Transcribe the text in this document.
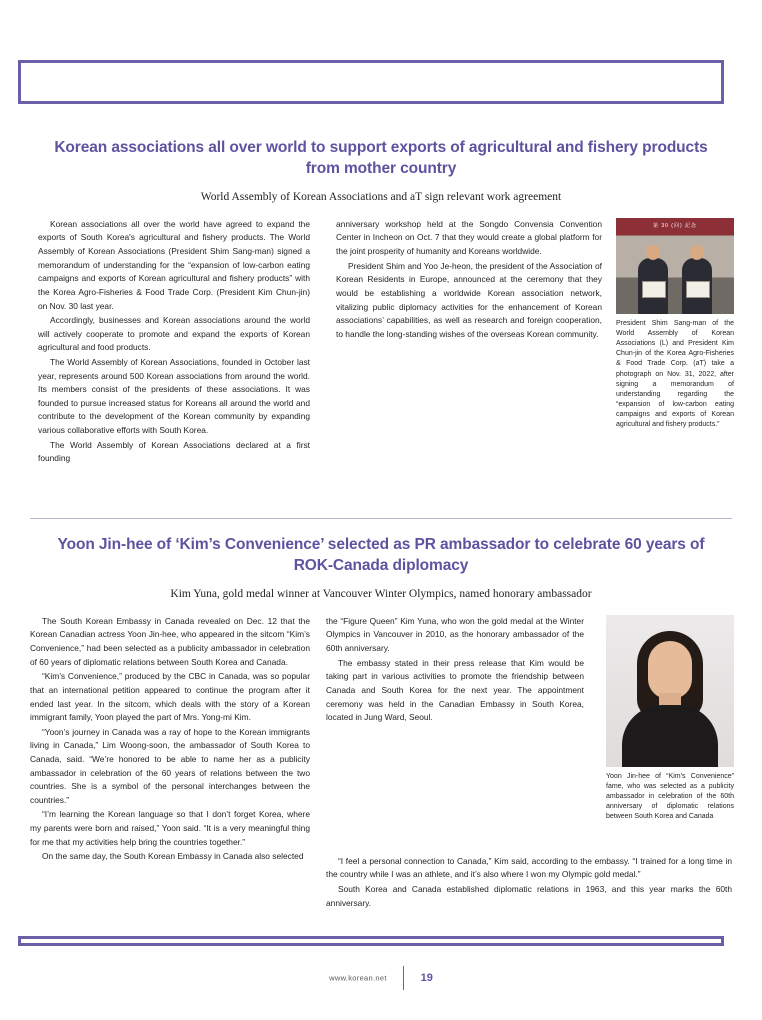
Korean associations all over world to support exports of agricultural and fishery products from mother country
World Assembly of Korean Associations and aT sign relevant work agreement

Korean associations all over the world have agreed to expand the exports of South Korea's agricultural and fishery products. The World Assembly of Korean Associations (President Shim Sang-man) signed a memorandum of understanding for the “expansion of low-carbon eating campaigns and exports of Korean agricultural and fishery products” with the Korea Agro-Fisheries & Food Trade Corp. (President Kim Chun-jin) on Nov. 30 last year.

Accordingly, businesses and Korean associations around the world will actively cooperate to promote and expand the exports of Korean agricultural and food products.

The World Assembly of Korean Associations, founded in October last year, represents around 500 Korean associations from around the world. Its members consist of the presidents of these associations. It was founded to pursue increased status for Koreans all around the world and contribute to the development of the Korean community by expanding various collaborative efforts with South Korea.

The World Assembly of Korean Associations declared at a first founding

anniversary workshop held at the Songdo Convensia Convention Center in Incheon on Oct. 7 that they would create a global platform for the joint prosperity of humanity and Koreans worldwide.

President Shim and Yoo Je-heon, the president of the Association of Korean Residents in Europe, announced at the ceremony that they would be establishing a worldwide Korean association network, vitalizing public diplomacy activities for the enhancement of Korean associations’ capabilities, as well as research and foreign cooperation, to handle the long-standing wishes of the overseas Korean community.

第 30 (回) 記念
President Shim Sang-man of the World Assembly of Korean Associations (L) and President Kim Chun-jin of the Korea Agro-Fisheries & Food Trade Corp. (aT) take a photograph on Nov. 31, 2022, after signing a memorandum of understanding regarding the “expansion of low-carbon eating campaigns and exports of Korean agricultural and fishery products.”
Yoon Jin-hee of ‘Kim’s Convenience’ selected as PR ambassador to celebrate 60 years of ROK-Canada diplomacy
Kim Yuna, gold medal winner at Vancouver Winter Olympics, named honorary ambassador

The South Korean Embassy in Canada revealed on Dec. 12 that the Korean Canadian actress Yoon Jin-hee, who appeared in the sitcom “Kim’s Convenience,” had been selected as a publicity ambassador in celebration of 60 years of diplomatic relations between South Korea and Canada.

“Kim’s Convenience,” produced by the CBC in Canada, was so popular that an international petition appeared to continue the program after it ended last year. In the sitcom, which deals with the story of a Korean immigrant family, Yoon played the part of Mrs. Yong-mi Kim.

“Yoon’s journey in Canada was a ray of hope to the Korean immigrants living in Canada,” Lim Woong-soon, the ambassador of South Korea to Canada, said. “We’re honored to be able to name her as a publicity ambassador in celebration of the 60 years of relations between the two countries. She is a symbol of the personal interchanges between the countries.”

“I’m learning the Korean language so that I don’t forget Korea, where my parents were born and raised,” Yoon said. “It is a very meaningful thing for me that my activities help bring the countries together.”

On the same day, the South Korean Embassy in Canada also selected

the “Figure Queen” Kim Yuna, who won the gold medal at the Winter Olympics in Vancouver in 2010, as the honorary ambassador of the 60th anniversary.

The embassy stated in their press release that Kim would be taking part in various activities to promote the friendship between Canada and South Korea for the next year. The appointment ceremony was held in the Canadian Embassy in South Korea, located in Jung Ward, Seoul.

“I feel a personal connection to Canada,” Kim said, according to the embassy. “I trained for a long time in the country while I was an athlete, and it’s also where I won my Olympic gold medal.”

South Korea and Canada established diplomatic relations in 1963, and this year marks the 60th anniversary.

Yoon Jin-hee of “Kim’s Convenience” fame, who was selected as a publicity ambassador in celebration of the 60th anniversary of diplomatic relations between South Korea and Canada
www.korean.net	19
